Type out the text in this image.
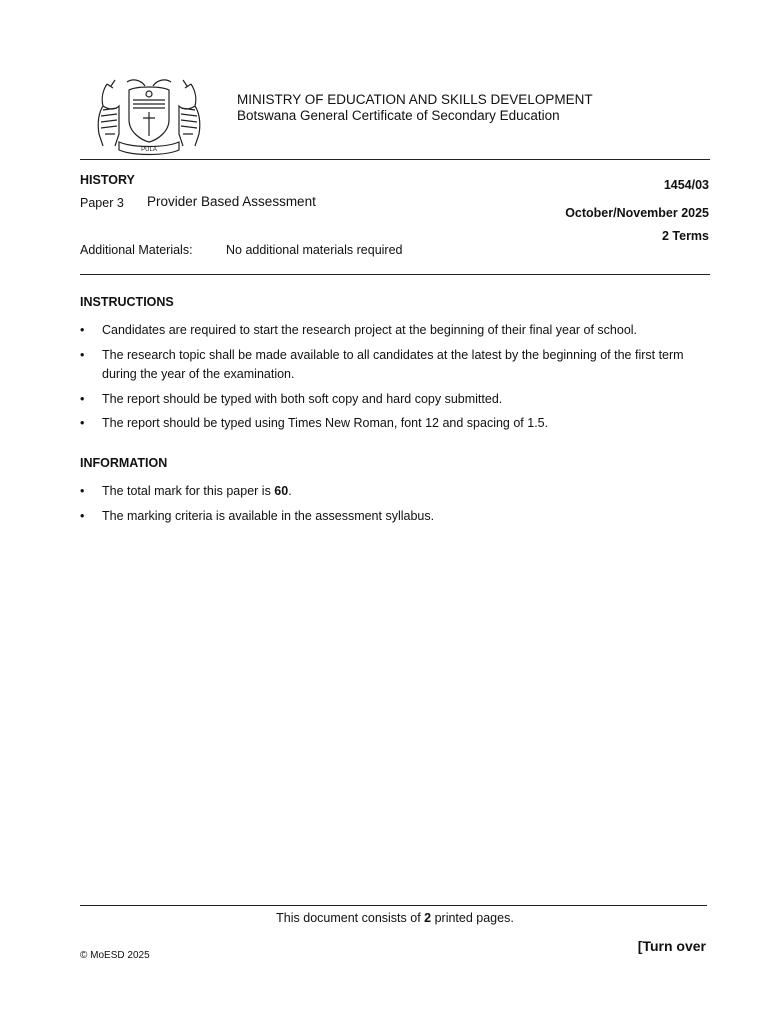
PULA
MINISTRY OF EDUCATION AND SKILLS DEVELOPMENT
Botswana General Certificate of Secondary Education
HISTORY
Paper 3 Provider Based Assessment
1454/03
October/November 2025
2 Terms
Additional Materials:	No additional materials required
INSTRUCTIONS
• Candidates are required to start the research project at the beginning of their final year of school.
• The research topic shall be made available to all candidates at the latest by the beginning of the first term during the year of the examination.
• The report should be typed with both soft copy and hard copy submitted.
• The report should be typed using Times New Roman, font 12 and spacing of 1.5.
INFORMATION
• The total mark for this paper is 60.
• The marking criteria is available in the assessment syllabus.
This document consists of 2 printed pages.
[Turn over
© MoESD 2025
